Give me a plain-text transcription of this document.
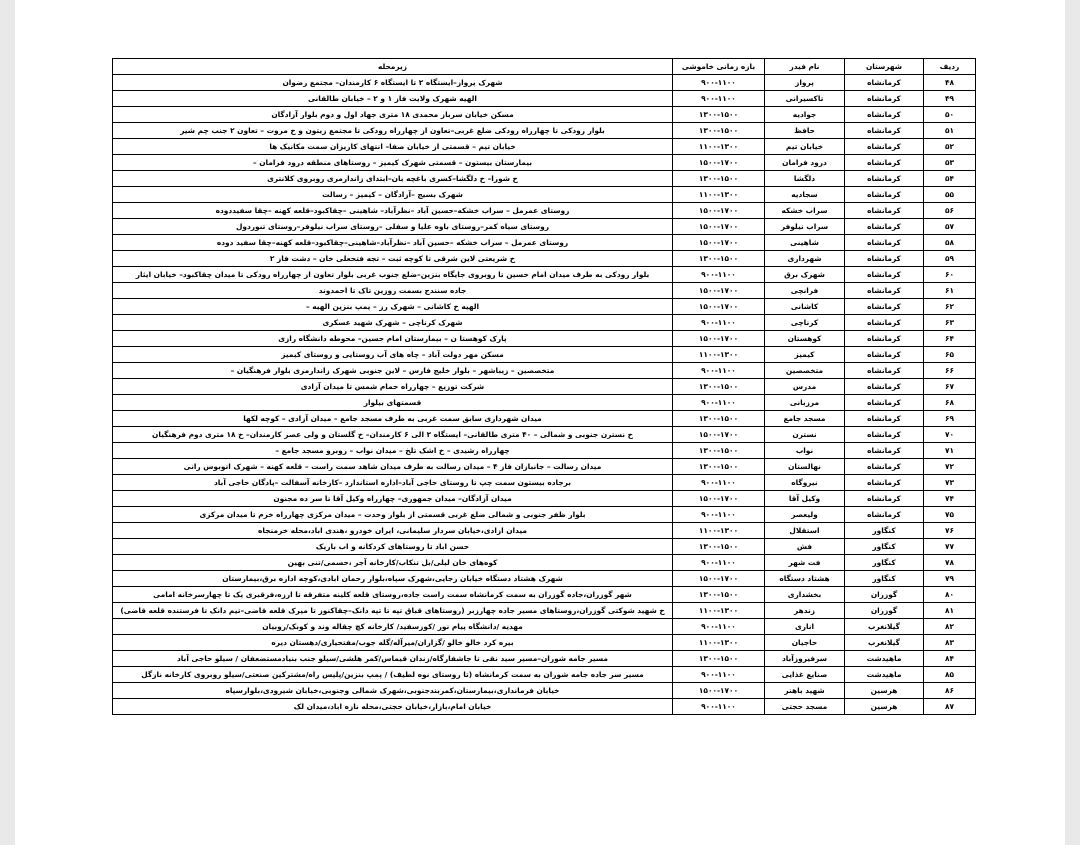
ردیف	شهرستان	نام فیدر	بازه زمانی خاموشی	زیرمحله
۴۸	کرمانشاه	پرواز	۹۰۰-۱۱۰۰	شهرک پرواز–ایستگاه ۲ تا ایستگاه ۶ کارمندان– مجتمع رضوان
۴۹	کرمانشاه	تاکسیرانی	۹۰۰-۱۱۰۰	الهیه شهرک ولایت فاز ۱ و ۲ – خیابان طالقانی
۵۰	کرمانشاه	جوادیه	۱۳۰۰-۱۵۰۰	مسکن خیابان سرباز محمدی ۱۸ متری جهاد اول و دوم بلوار آزادگان
۵۱	کرمانشاه	حافظ	۱۳۰۰-۱۵۰۰	بلوار رودکی تا چهارراه رودکی ضلع غربی–تعاون از چهارراه رودکی تا مجتمع زیتون و خ مروت – تعاون ۲ جنب چم شیر
۵۲	کرمانشاه	خیابان تیم	۱۱۰۰-۱۳۰۰	خیابان تیم – قسمتی از خیابان صفا– انتهای کاریزان سمت مکانیک ها
۵۳	کرمانشاه	درود فرامان	۱۵۰۰-۱۷۰۰	بیمارستان بیستون – قسمتی شهرک کیمیز – روستاهای منطقه درود فرامان –
۵۴	کرمانشاه	دلگشا	۱۳۰۰-۱۵۰۰	خ شورا– خ دلگشا–کسری باغچه بان–ابتدای زاندارمری روبروی کلانتری
۵۵	کرمانشاه	سجادیه	۱۱۰۰-۱۳۰۰	شهرک بسیج –آزادگان – کیمیز – رسالت
۵۶	کرمانشاه	سراب خشکه	۱۵۰۰-۱۷۰۰	روستای عمرمل – سراب خشکه–حسین آباد –نظرآباد– شاهینی –چقاکبود–قلعه کهنه –چقا سفیددوده
۵۷	کرمانشاه	سراب نیلوفر	۱۵۰۰-۱۷۰۰	روستای سیاه کمر–روستای باوه علیا و سفلی –روستای سراب نیلوفر–روستای تنوردول
۵۸	کرمانشاه	شاهینی	۱۵۰۰-۱۷۰۰	روستای عمرمل – سراب خشکه –حسین آباد –نظرآباد–شاهینی–چقاکبود–قلعه کهنه–چقا سفید دوده
۵۹	کرمانشاه	شهرداری	۱۳۰۰-۱۵۰۰	خ شریعتی لاین شرقی تا کوچه ثبت – تجه فتحعلی خان – دشت فاز ۲
۶۰	کرمانشاه	شهرک برق	۹۰۰-۱۱۰۰	بلوار رودکی به طرف میدان امام حسین تا روبروی جایگاه بنزین–ضلع جنوب غربی بلوار تعاون از چهارراه رودکی تا میدان چقاکبود– خیابان ایثار
۶۱	کرمانشاه	فرانچی	۱۵۰۰-۱۷۰۰	جاده سنندج بسمت روزین تاک تا احمدوند
۶۲	کرمانشاه	کاشانی	۱۵۰۰-۱۷۰۰	الهیه خ کاشانی – شهرک رز – پمپ بنزین الهیه –
۶۳	کرمانشاه	کرناچی	۹۰۰-۱۱۰۰	شهرک کرناچی – شهرک شهید عسکری
۶۴	کرمانشاه	کوهستان	۱۵۰۰-۱۷۰۰	پارک کوهستا ن – بیمارستان امام حسین– محوطه دانشگاه رازی
۶۵	کرمانشاه	کیمیز	۱۱۰۰-۱۳۰۰	مسکن مهر دولت آباد – چاه های آب روستایی و روستای کیمیز
۶۶	کرمانشاه	متخصصین	۹۰۰-۱۱۰۰	متخصصین – زیباشهر – بلوار خلیج فارس – لاین جنوبی شهرک زاندارمری بلوار فرهنگیان –
۶۷	کرمانشاه	مدرس	۱۳۰۰-۱۵۰۰	شرکت توزیع – چهارراه حمام شمس تا میدان آزادی
۶۸	کرمانشاه	مرزبانی	۹۰۰-۱۱۰۰	قسمتهای بیلوار
۶۹	کرمانشاه	مسجد جامع	۱۳۰۰-۱۵۰۰	میدان شهرداری سابق سمت غربی به طرف مسجد جامع – میدان آزادی – کوچه لکها
۷۰	کرمانشاه	نسترن	۱۵۰۰-۱۷۰۰	خ نسترن جنوبی و شمالی – ۴۰ متری طالقانی– ایستگاه ۲ الی ۶ کارمندان– خ گلستان و ولی عصر کارمندان– خ ۱۸ متری دوم فرهنگیان
۷۱	کرمانشاه	نواب	۱۳۰۰-۱۵۰۰	چهارراه رشیدی – خ اشک تلخ – میدان نواب – روبرو مسجد جامع –
۷۲	کرمانشاه	نهالستان	۱۳۰۰-۱۵۰۰	میدان رسالت – جانبازان فاز ۴ – میدان رسالت به طرف میدان شاهد سمت راست – قلعه کهنه – شهرک اتوبوس رانی
۷۳	کرمانشاه	نیروگاه	۹۰۰-۱۱۰۰	برجاده بیستون سمت چپ تا روستای حاجی آباد–اداره استاندارد –کارخانه آسفالت –پادگان حاجی آباد
۷۴	کرمانشاه	وکیل آقا	۱۵۰۰-۱۷۰۰	میدان آزادگان– میدان جمهوری– چهارراه وکیل آقا تا سر ده مجنون
۷۵	کرمانشاه	ولیعصر	۹۰۰-۱۱۰۰	بلوار ظفر جنوبی و شمالی ضلع غربی قسمتی از بلوار وحدت – میدان مرکزی چهارراه خرم تا میدان مرکزی
۷۶	کنگاور	استقلال	۱۱۰۰-۱۳۰۰	میدان ازادی،خیابان سردار سلیمانی، ایران خودرو ،هندی اباد،محله خرمنجاه
۷۷	کنگاور	فش	۱۳۰۰-۱۵۰۰	حسن اباد تا روستاهای کردکانه و اب باریک
۷۸	کنگاور	فت شهر	۹۰۰-۱۱۰۰	کوه‌های خان لیلی/بل تنکاب/کارخانه آجر ،حسمی/تنی بهین
۷۹	کنگاور	هشتاد دستگاه	۱۵۰۰-۱۷۰۰	شهرک هشتاد دستگاه خیابان رجایی،شهرک سپاه،بلوار رحمان ابادی،کوچه اداره برق،بیمارستان
۸۰	گوزران	بخشداری	۱۳۰۰-۱۵۰۰	شهر گوزران،جاده گوزران به سمت کرمانشاه سمت راست جاده،روستای قلعه کلینه متفرقه تا ارزه،فرقبری یک تا چهارسرخانه امامی
۸۱	گوزران	زندهر	۱۱۰۰-۱۳۰۰	خ شهید شوکتی گوزران،روستاهای مسیر جاده چهارزبر (روستاهای قباق تپه تا تپه دانک–چقاکنوز تا میرک قلعه قاضی–تیم دانک تا فرستنده قلعه قاضی)
۸۲	گیلانغرب	اناری	۹۰۰-۱۱۰۰	مهدیه /دانشگاه پیام نور /کوزسفید/ کارخانه کچ چقاله وند و کوبک/روبیان
۸۳	گیلانغرب	حاجیان	۱۱۰۰-۱۳۰۰	بیره کرد خالو خالو /گزاران/میرآله/گله جوب/مفتحیاری/دهستان دیره
۸۴	ماهیدشت	سرفیروزآباد	۱۳۰۰-۱۵۰۰	مسیر جامه شوران–مسیر سید نقی تا جاشفارگاه/زندان قیماس/کمر هلشی/سیلو جنب بنیادمستضعفان / سیلو حاجی آباد
۸۵	ماهیدشت	صنایع غذایی	۹۰۰-۱۱۰۰	مسیر سر جاده جامه شوران به سمت کرمانشاه (تا روستای نوه لطیف) / پمپ بنزین/پلیس راه/مشترکین صنعتی/سیلو روبروی کارخانه نازگل
۸۶	هرسین	شهید باهنر	۱۵۰۰-۱۷۰۰	خیابان فرمانداری،بیمارستان،کمربندجنوبی،شهرک شمالی وجنوبی،خیابان شیرودی،بلوارسپاه
۸۷	هرسین	مسجد حجتی	۹۰۰-۱۱۰۰	خیابان امام،بازار،خیابان حجتی،محله نازه اباد،میدان لک
